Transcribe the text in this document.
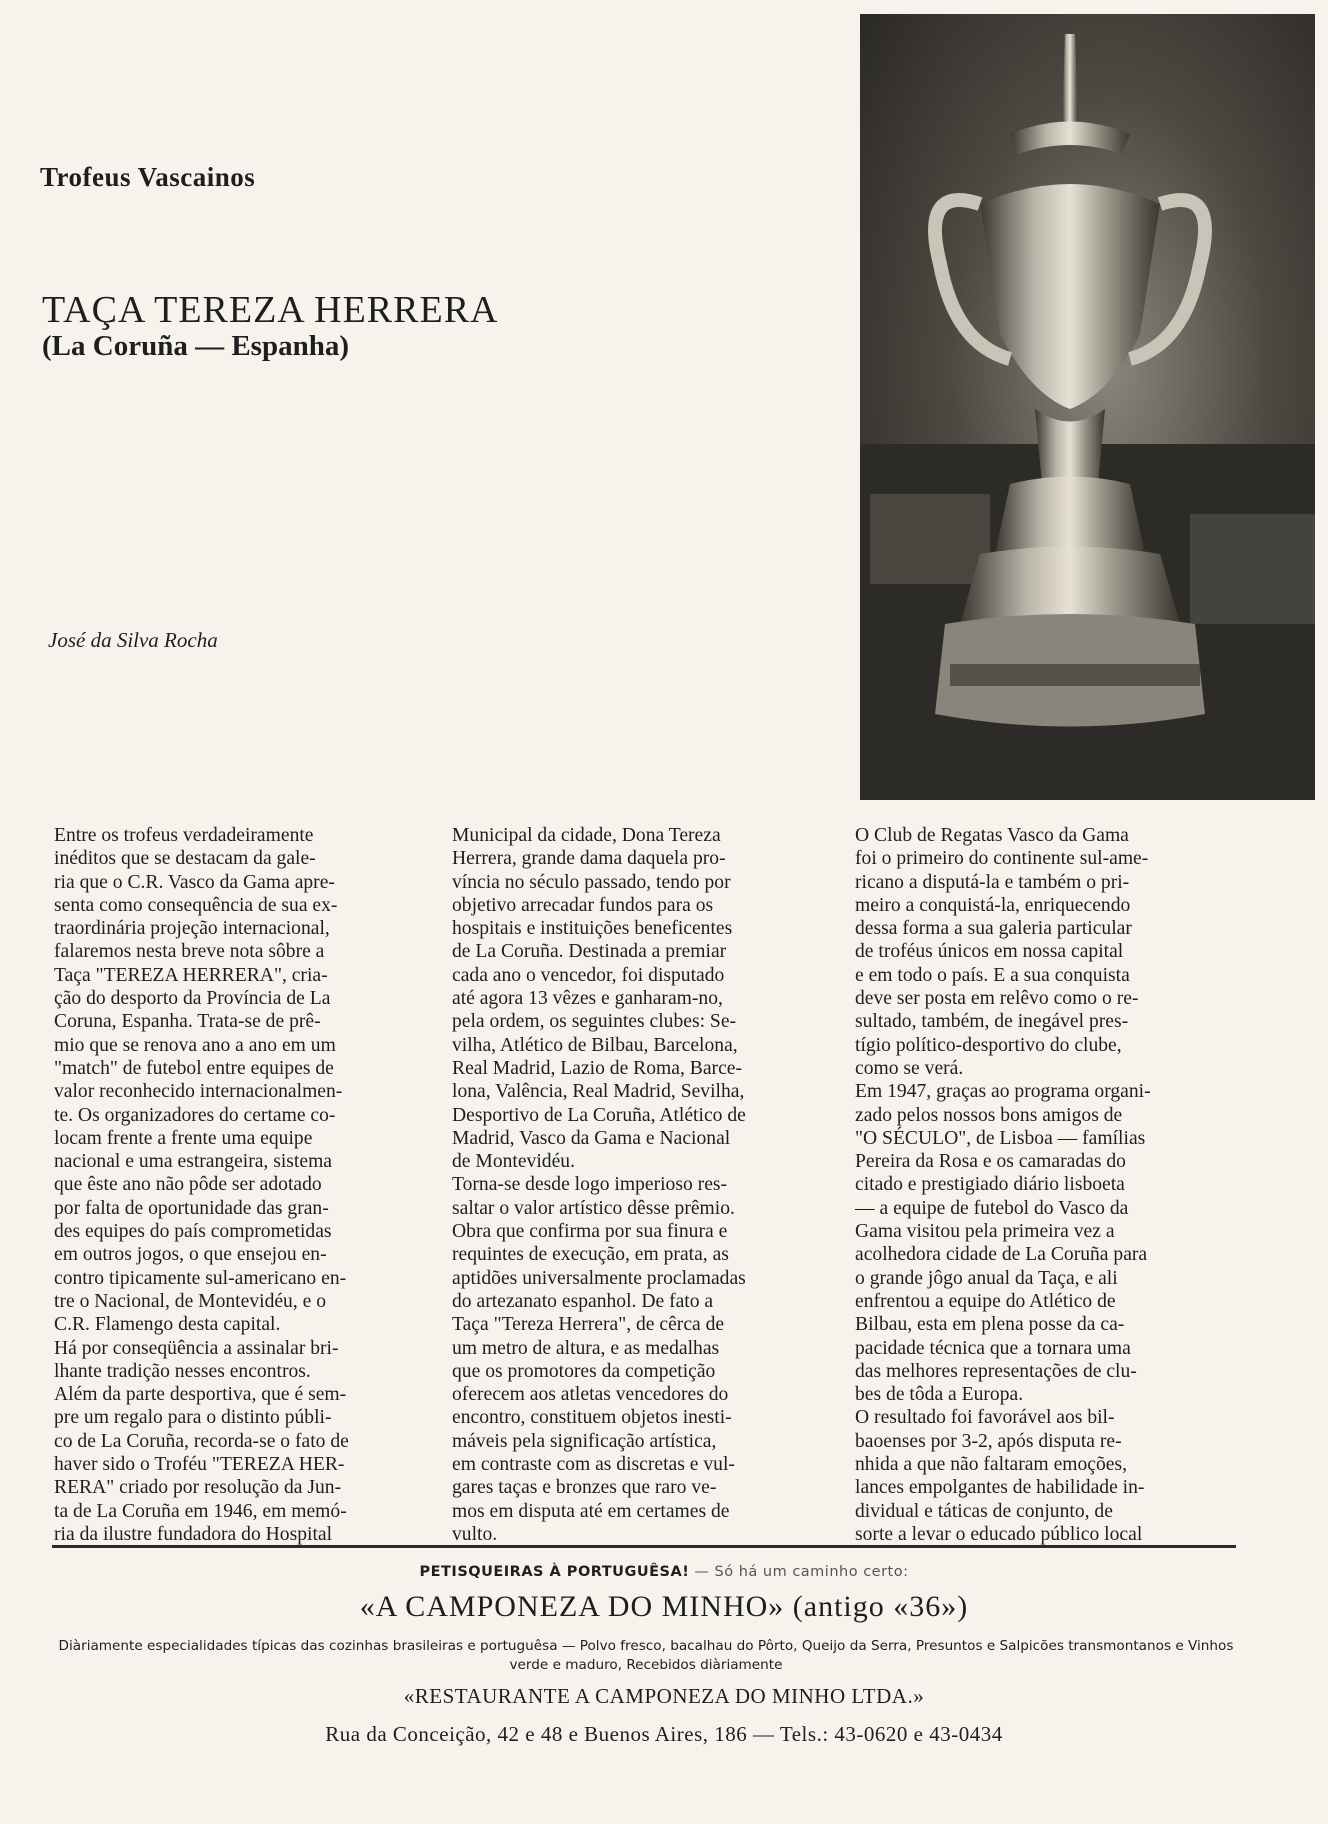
Trofeus Vascainos
TAÇA TEREZA HERRERA
(La Coruña — Espanha)
José da Silva Rocha

Entre os trofeus verdadeiramente
inéditos que se destacam da gale-
ria que o C.R. Vasco da Gama apre-
senta como consequência de sua ex-
traordinária projeção internacional,
falaremos nesta breve nota sôbre a
Taça "TEREZA HERRERA", cria-
ção do desporto da Província de La
Coruna, Espanha. Trata-se de prê-
mio que se renova ano a ano em um
"match" de futebol entre equipes de
valor reconhecido internacionalmen-
te. Os organizadores do certame co-
locam frente a frente uma equipe
nacional e uma estrangeira, sistema
que êste ano não pôde ser adotado
por falta de oportunidade das gran-
des equipes do país comprometidas
em outros jogos, o que ensejou en-
contro tipicamente sul-americano en-
tre o Nacional, de Montevidéu, e o
C.R. Flamengo desta capital.
Há por conseqüência a assinalar bri-
lhante tradição nesses encontros.
Além da parte desportiva, que é sem-
pre um regalo para o distinto públi-
co de La Coruña, recorda-se o fato de
haver sido o Troféu "TEREZA HER-
RERA" criado por resolução da Jun-
ta de La Coruña em 1946, em memó-
ria da ilustre fundadora do Hospital

Municipal da cidade, Dona Tereza
Herrera, grande dama daquela pro-
víncia no século passado, tendo por
objetivo arrecadar fundos para os
hospitais e instituições beneficentes
de La Coruña. Destinada a premiar
cada ano o vencedor, foi disputado
até agora 13 vêzes e ganharam-no,
pela ordem, os seguintes clubes: Se-
vilha, Atlético de Bilbau, Barcelona,
Real Madrid, Lazio de Roma, Barce-
lona, Valência, Real Madrid, Sevilha,
Desportivo de La Coruña, Atlético de
Madrid, Vasco da Gama e Nacional
de Montevidéu.
Torna-se desde logo imperioso res-
saltar o valor artístico dêsse prêmio.
Obra que confirma por sua finura e
requintes de execução, em prata, as
aptidões universalmente proclamadas
do artezanato espanhol. De fato a
Taça "Tereza Herrera", de cêrca de
um metro de altura, e as medalhas
que os promotores da competição
oferecem aos atletas vencedores do
encontro, constituem objetos inesti-
máveis pela significação artística,
em contraste com as discretas e vul-
gares taças e bronzes que raro ve-
mos em disputa até em certames de
vulto.

O Club de Regatas Vasco da Gama
foi o primeiro do continente sul-ame-
ricano a disputá-la e também o pri-
meiro a conquistá-la, enriquecendo
dessa forma a sua galeria particular
de troféus únicos em nossa capital
e em todo o país. E a sua conquista
deve ser posta em relêvo como o re-
sultado, também, de inegável pres-
tígio político-desportivo do clube,
como se verá.
Em 1947, graças ao programa organi-
zado pelos nossos bons amigos de
"O SÉCULO", de Lisboa — famílias
Pereira da Rosa e os camaradas do
citado e prestigiado diário lisboeta
— a equipe de futebol do Vasco da
Gama visitou pela primeira vez a
acolhedora cidade de La Coruña para
o grande jôgo anual da Taça, e ali
enfrentou a equipe do Atlético de
Bilbau, esta em plena posse da ca-
pacidade técnica que a tornara uma
das melhores representações de clu-
bes de tôda a Europa.
O resultado foi favorável aos bil-
baoenses por 3-2, após disputa re-
nhida a que não faltaram emoções,
lances empolgantes de habilidade in-
dividual e táticas de conjunto, de
sorte a levar o educado público local

PETISQUEIRAS À PORTUGUÊSA! — Só há um caminho certo:
«A CAMPONEZA DO MINHO» (antigo «36»)
Diàriamente especialidades típicas das cozinhas brasileiras e portuguêsa — Polvo fresco, bacalhau do Pôrto, Queijo da Serra, Presuntos e Salpicões transmontanos e Vinhos verde e maduro, Recebidos diàriamente
«RESTAURANTE A CAMPONEZA DO MINHO LTDA.»
Rua da Conceição, 42 e 48 e Buenos Aires, 186 — Tels.: 43-0620 e 43-0434
